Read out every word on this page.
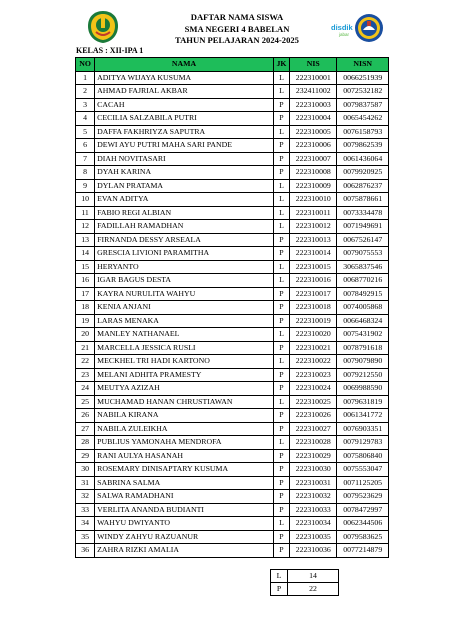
DAFTAR NAMA SISWA
SMA NEGERI 4 BABELAN
TAHUN PELAJARAN 2024-2025
disdik
jabar
KELAS : XII-IPA 1
NO	NAMA	JK	NIS	NISN
1	ADITYA WIJAYA KUSUMA	L	222310001	0066251939
2	AHMAD FAJRIAL AKBAR	L	232411002	0072532182
3	CACAH	P	222310003	0079837587
4	CECILIA SALZABILA PUTRI	P	222310004	0065454262
5	DAFFA FAKHRIYZA SAPUTRA	L	222310005	0076158793
6	DEWI AYU PUTRI MAHA SARI PANDE	P	222310006	0079862539
7	DIAH NOVITASARI	P	222310007	0061436064
8	DYAH KARINA	P	222310008	0079920925
9	DYLAN PRATAMA	L	222310009	0062876237
10	EVAN ADITYA	L	222310010	0075878661
11	FABIO REGI ALBIAN	L	222310011	0073334478
12	FADILLAH RAMADHAN	L	222310012	0071949691
13	FIRNANDA DESSY ARSEALA	P	222310013	0067526147
14	GRESCIA LIVIONI PARAMITHA	P	222310014	0079075553
15	HERYANTO	L	222310015	3065837546
16	IGAR BAGUS DESTA	L	222310016	0068770216
17	KAYRA NURULITA WAHYU	P	222310017	0078492915
18	KENIA ANJANI	P	222310018	0074005868
19	LARAS MENAKA	P	222310019	0066468324
20	MANLEY NATHANAEL	L	222310020	0075431902
21	MARCELLA JESSICA RUSLI	P	222310021	0078791618
22	MECKHEL TRI HADI KARTONO	L	222310022	0079079890
23	MELANI ADHITA PRAMESTY	P	222310023	0079212550
24	MEUTYA AZIZAH	P	222310024	0069988590
25	MUCHAMAD HANAN CHRUSTIAWAN	L	222310025	0079631819
26	NABILA KIRANA	P	222310026	0061341772
27	NABILA ZULEIKHA	P	222310027	0076903351
28	PUBLIUS YAMONAHA MENDROFA	L	222310028	0079129783
29	RANI AULYA HASANAH	P	222310029	0075806840
30	ROSEMARY DINISAPTARY KUSUMA	P	222310030	0075553047
31	SABRINA SALMA	P	222310031	0071125205
32	SALWA RAMADHANI	P	222310032	0079523629
33	VERLITA ANANDA BUDIANTI	P	222310033	0078472997
34	WAHYU DWIYANTO	L	222310034	0062344506
35	WINDY ZAHYU RAZUANUR	P	222310035	0079583625
36	ZAHRA RIZKI AMALIA	P	222310036	0077214879
L	14
P	22
